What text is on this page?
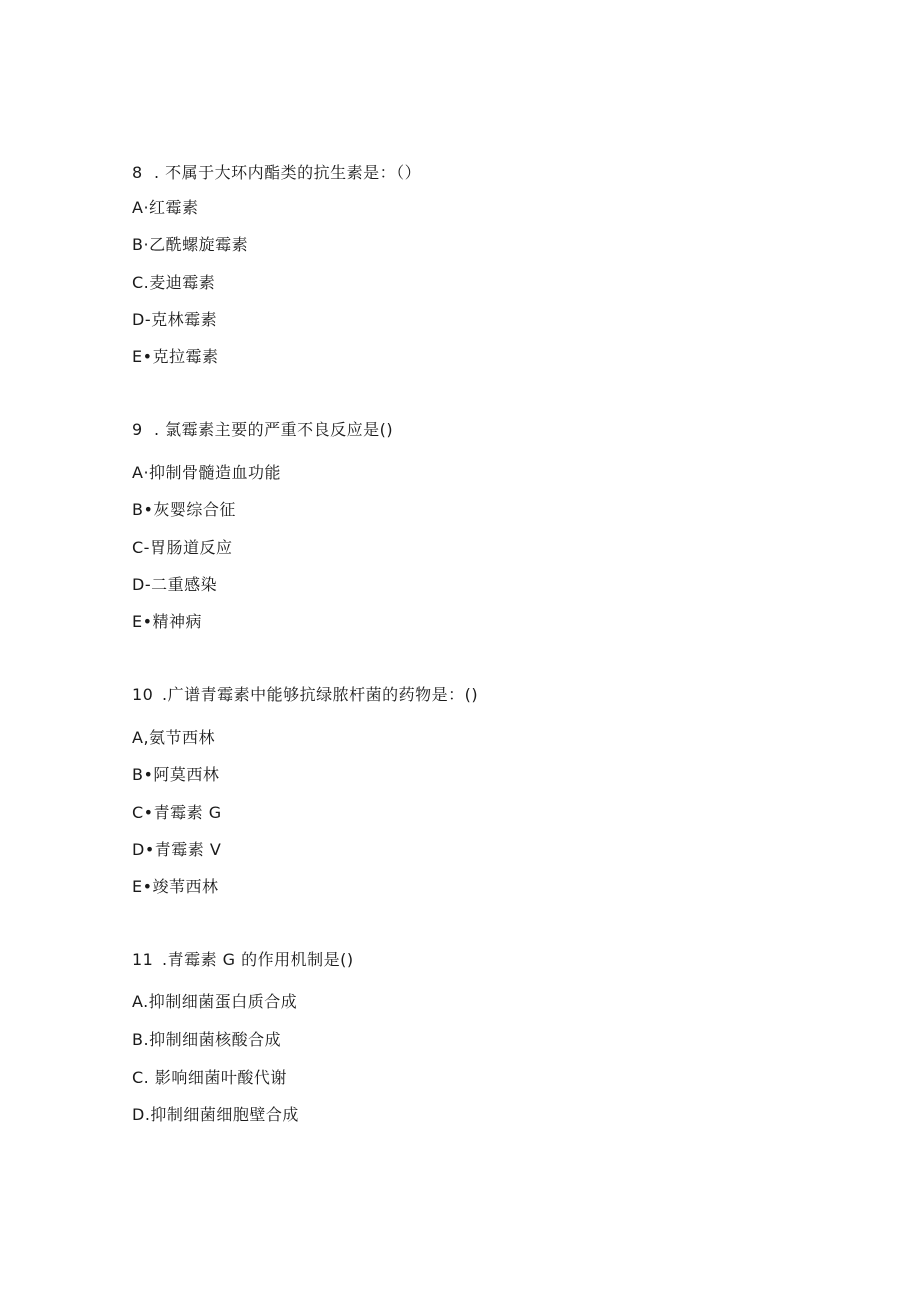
8 . 不属于大环内酯类的抗生素是：（）
A·红霉素
B·乙酰螺旋霉素
C.麦迪霉素
D-克林霉素
E•克拉霉素
9 . 氯霉素主要的严重不良反应是()
A·抑制骨髓造血功能
B•灰婴综合征
C-胃肠道反应
D-二重感染
E•精神病
10 .广谱青霉素中能够抗绿脓杆菌的药物是：()
A,氨节西林
B•阿莫西林
C•青霉素 G
D•青霉素 V
E•竣苇西林
11 .青霉素 G 的作用机制是()
A.抑制细菌蛋白质合成
B.抑制细菌核酸合成
C. 影响细菌叶酸代谢
D.抑制细菌细胞壁合成
